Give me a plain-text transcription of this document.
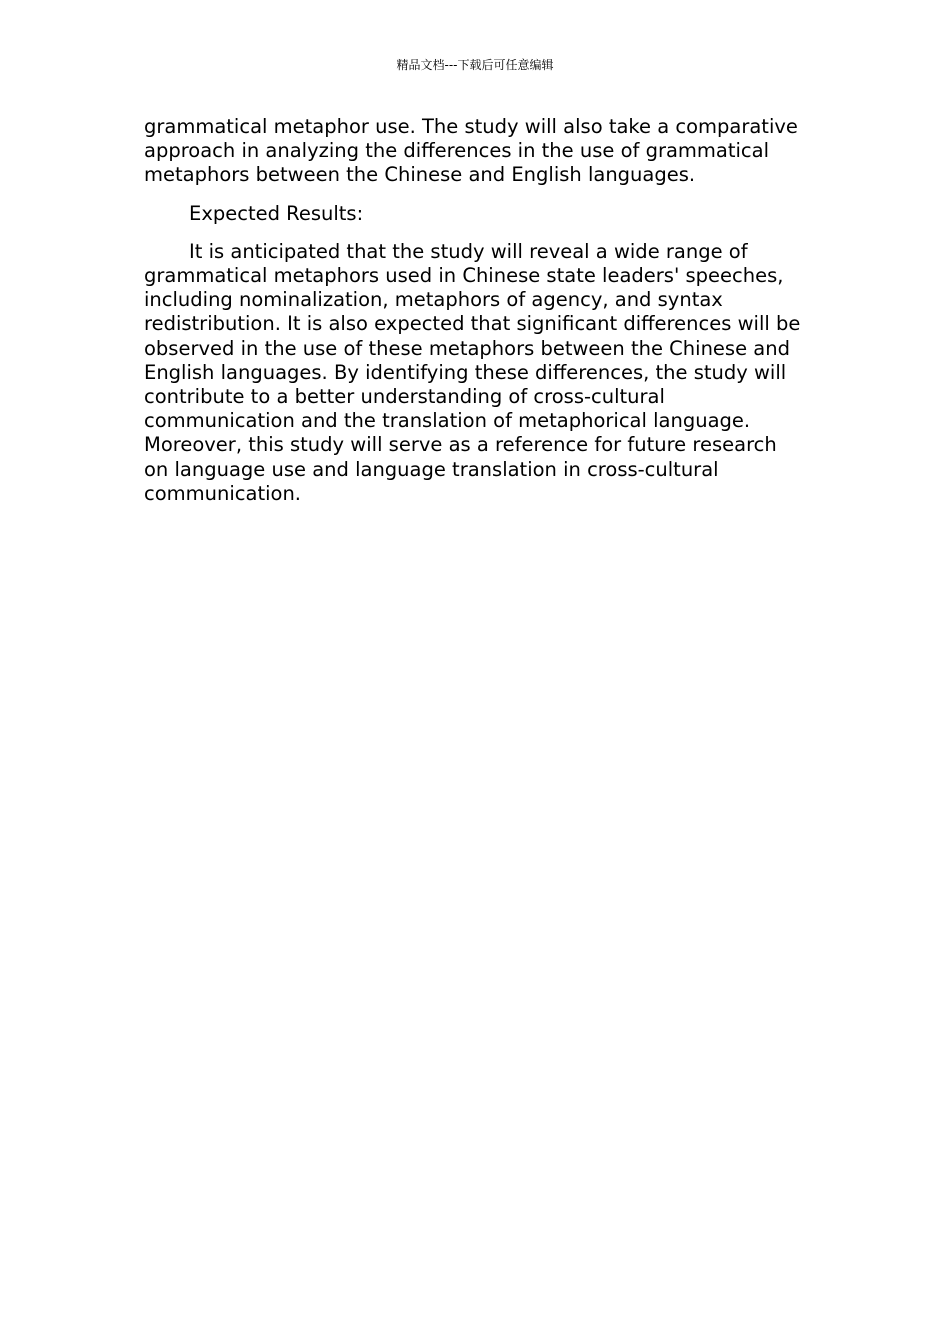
精品文档---下载后可任意编辑

grammatical metaphor use. The study will also take a comparative approach in analyzing the differences in the use of grammatical metaphors between the Chinese and English languages.

Expected Results:

It is anticipated that the study will reveal a wide range of grammatical metaphors used in Chinese state leaders' speeches, including nominalization, metaphors of agency, and syntax redistribution. It is also expected that significant differences will be observed in the use of these metaphors between the Chinese and English languages. By identifying these differences, the study will contribute to a better understanding of cross-cultural communication and the translation of metaphorical language. Moreover, this study will serve as a reference for future research on language use and language translation in cross-cultural communication.
